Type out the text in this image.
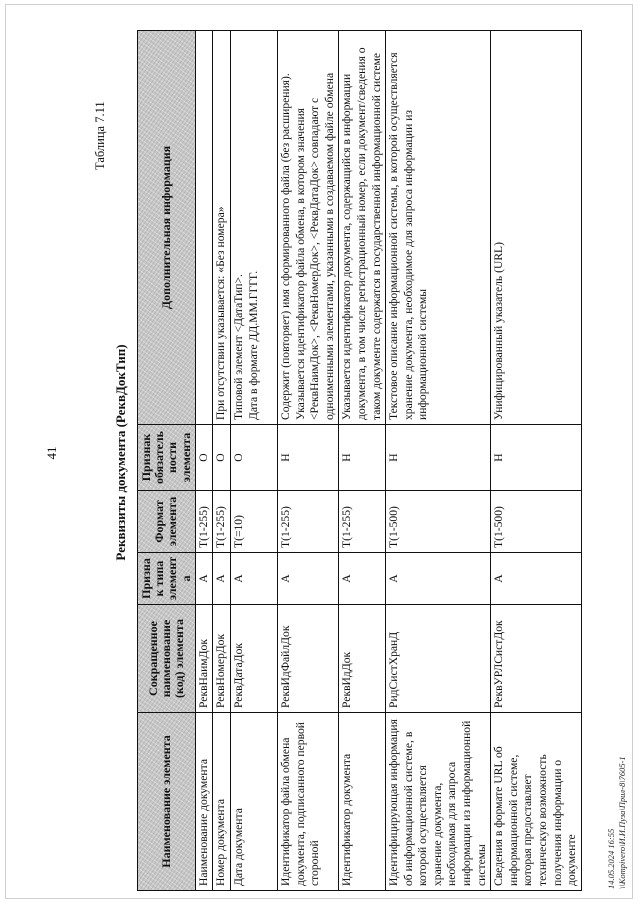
41
Таблица 7.11
Реквизиты документа (РеквДокТип)
Наименование элемента	Сокращенное наименование (код) элемента	Признак типа элемента	Формат элемента	Признак обязательности элемента	Дополнительная информация
Наименование документа	РеквНаимДок	А	T(1-255)	О	
Номер документа	РеквНомерДок	А	T(1-255)	О	При отсутствии указывается: «Без номера»
Дата документа	РеквДатаДок	А	T(=10)	О	Типовой элемент <ДатаТип>.
Дата в формате ДД.ММ.ГГГГ.
Идентификатор файла обмена документа, подписанного первой стороной	РеквИдФайлДок	А	T(1-255)	Н	Содержит (повторяет) имя сформированного файла (без расширения). Указывается идентификатор файла обмена, в котором значения <РеквНаимДок>, <РеквНомерДок>, <РеквДатаДок> совпадают с одноименными элементами, указанными в создаваемом файле обмена
Идентификатор документа	РеквИдДок	А	T(1-255)	Н	Указывается идентификатор документа, содержащийся в информации документа, в том числе регистрационный номер, если документ/сведения о таком документе содержатся в государственной информационной системе
Идентифицирующая информация об информационной системе, в которой осуществляется хранение документа, необходимая для запроса информации из информационной системы	РидСистХранД	А	T(1-500)	Н	Текстовое описание информационной системы, в которой осуществляется хранение документа, необходимое для запроса информации из информационной системы
Сведения в формате URL об информационной системе, которая предоставляет техническую возможность получения информации о документе	РеквУРЛСистДок	А	T(1-500)	Н	Унифицированный указатель (URL)
14.05.2024 16:55 \\Kompivero\И.И.Пуза\Прил-8\7605-1
